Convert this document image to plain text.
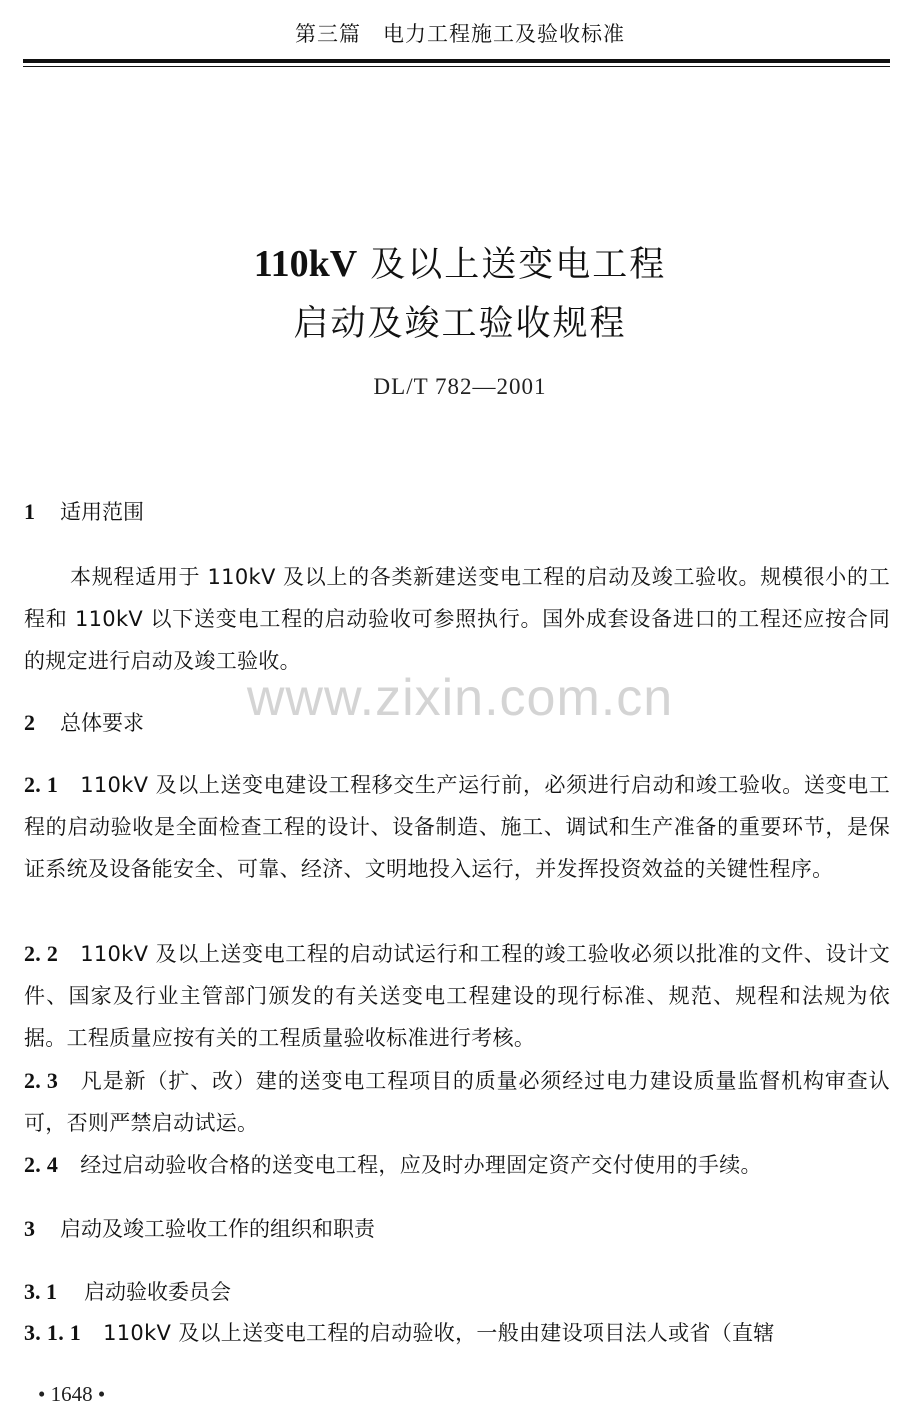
第三篇　电力工程施工及验收标准
110kV 及以上送变电工程
启动及竣工验收规程
DL/T 782—2001
1 适用范围
本规程适用于 110kV 及以上的各类新建送变电工程的启动及竣工验收。规模很小的工程和 110kV 以下送变电工程的启动验收可参照执行。国外成套设备进口的工程还应按合同的规定进行启动及竣工验收。
www.zixin.com.cn
2 总体要求
2. 1 110kV 及以上送变电建设工程移交生产运行前，必须进行启动和竣工验收。送变电工程的启动验收是全面检查工程的设计、设备制造、施工、调试和生产准备的重要环节，是保证系统及设备能安全、可靠、经济、文明地投入运行，并发挥投资效益的关键性程序。
2. 2 110kV 及以上送变电工程的启动试运行和工程的竣工验收必须以批准的文件、设计文件、国家及行业主管部门颁发的有关送变电工程建设的现行标准、规范、规程和法规为依据。工程质量应按有关的工程质量验收标准进行考核。
2. 3 凡是新（扩、改）建的送变电工程项目的质量必须经过电力建设质量监督机构审查认可，否则严禁启动试运。
2. 4 经过启动验收合格的送变电工程，应及时办理固定资产交付使用的手续。
3 启动及竣工验收工作的组织和职责
3. 1 启动验收委员会
3. 1. 1 110kV 及以上送变电工程的启动验收，一般由建设项目法人或省（直辖
• 1648 •
